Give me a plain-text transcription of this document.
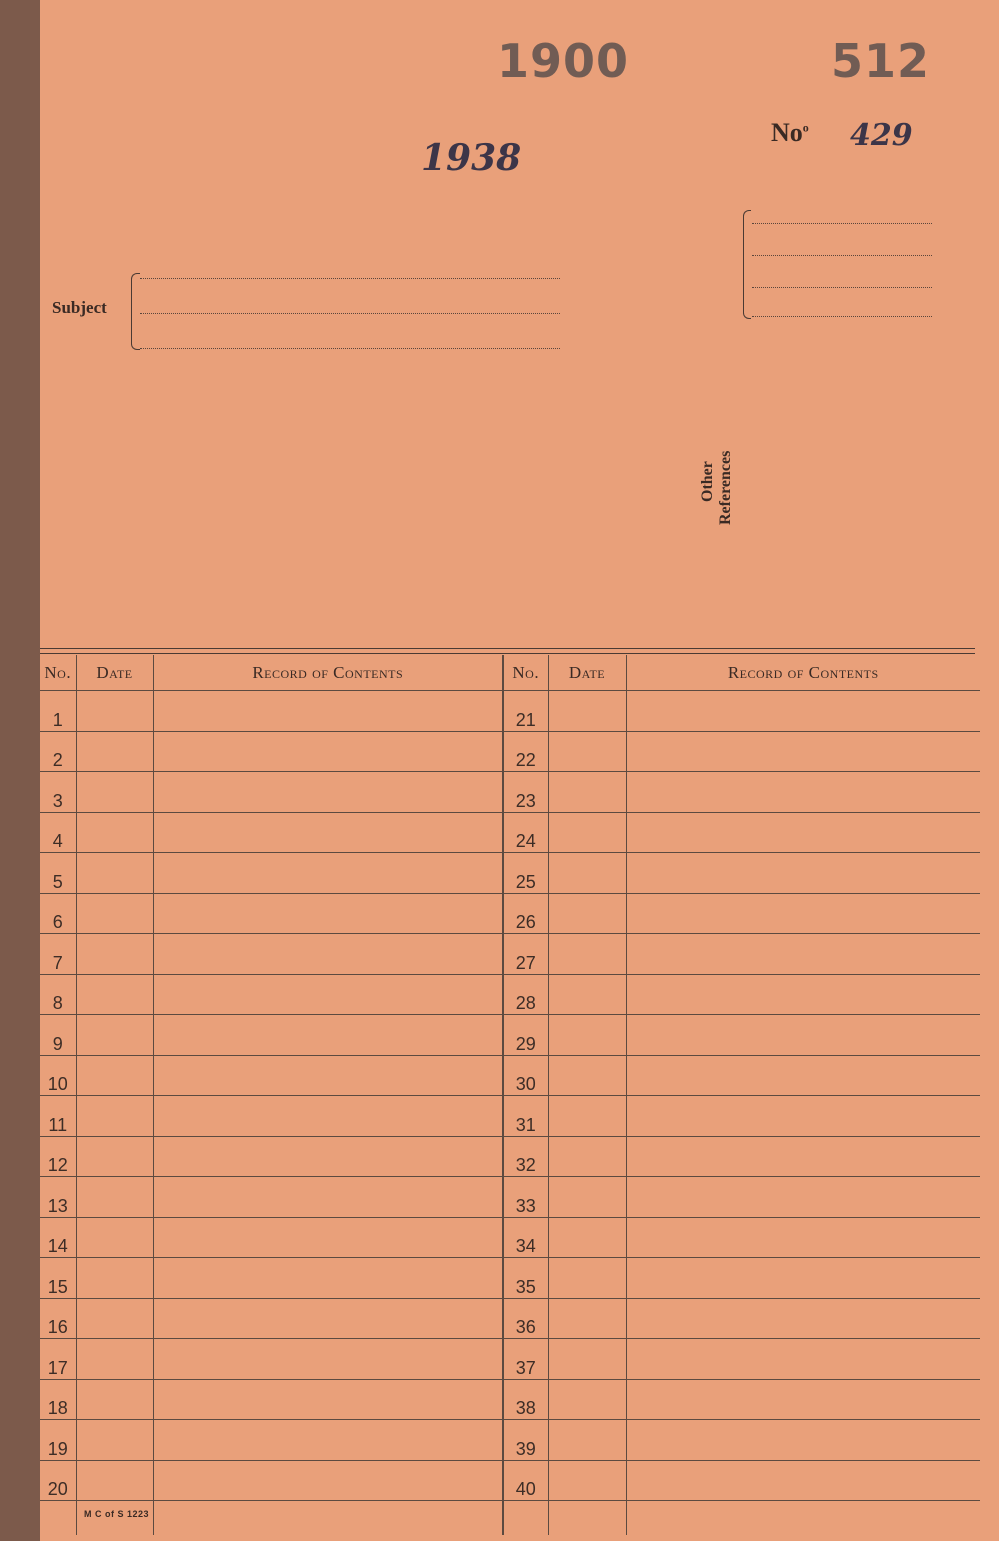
1900	512
1938
No$^o$ 429
Subject
Other References
No.	Date	Record of Contents	No.	Date	Record of Contents
1			21		
2			22		
3			23		
4			24		
5			25		
6			26		
7			27		
8			28		
9			29		
10			30		
11			31		
12			32		
13			33		
14			34		
15			35		
16			36		
17			37		
18			38		
19			39		
20			40		

M C of S 1223
